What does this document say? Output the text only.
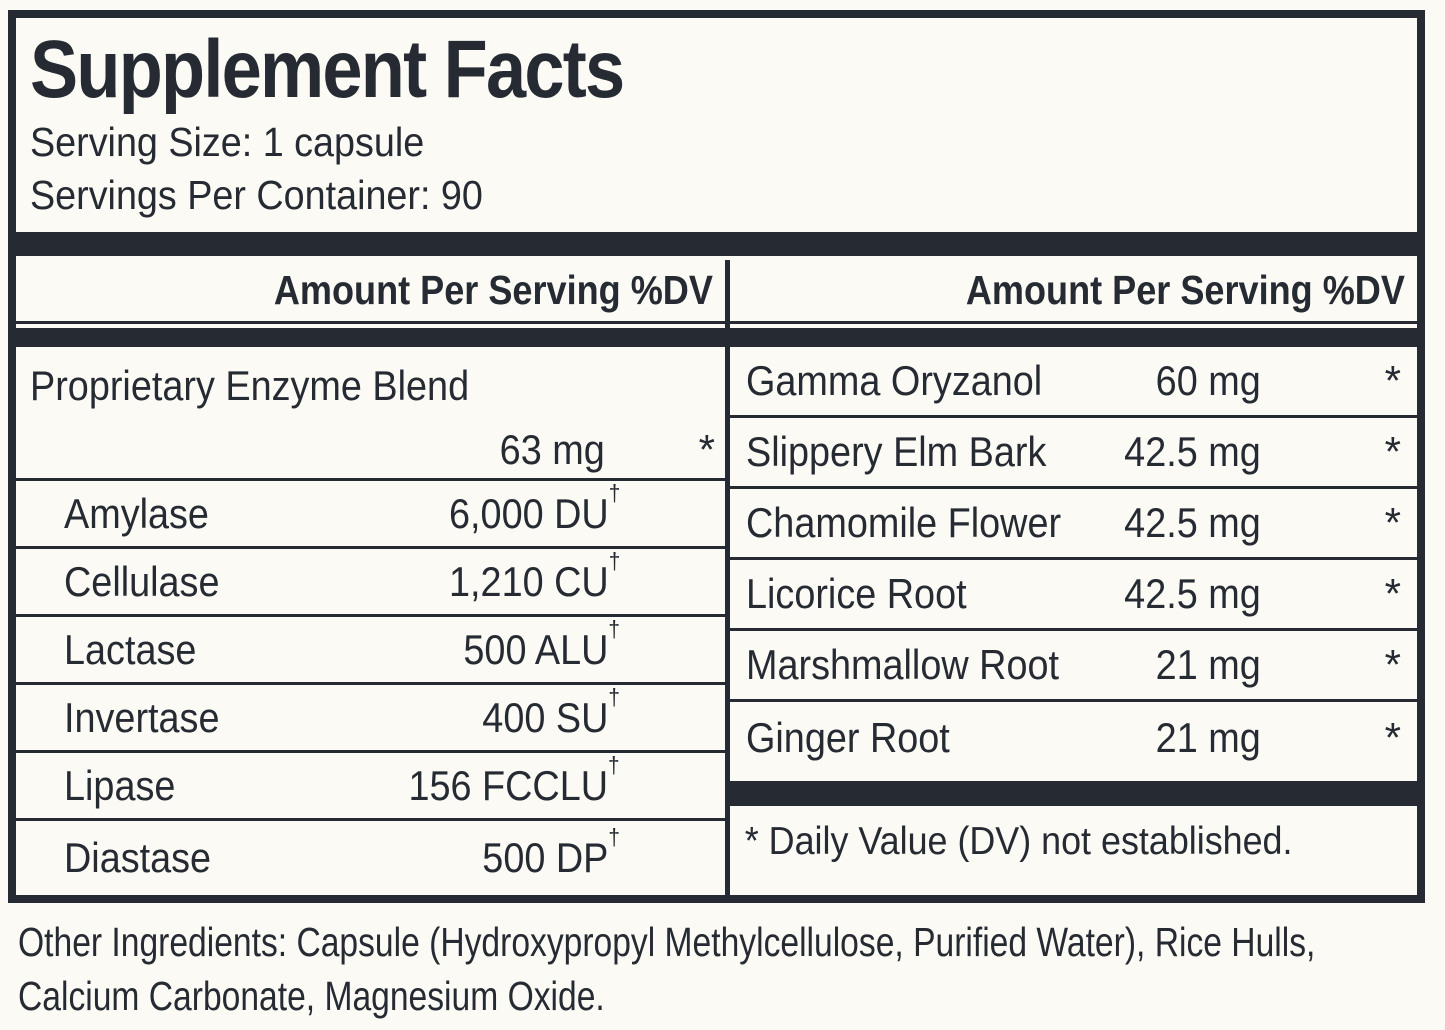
Supplement Facts
Serving Size: 1 capsule
Servings Per Container: 90
Amount Per Serving %DV
Proprietary Enzyme Blend
63 mg	*
Amylase	6,000 DU†
Cellulase	1,210 CU†
Lactase	500 ALU†
Invertase	400 SU†
Lipase	156 FCCLU†
Diastase	500 DP†
Amount Per Serving %DV
Gamma Oryzanol	60 mg	*
Slippery Elm Bark	42.5 mg	*
Chamomile Flower 42.5 mg	*
Licorice Root	42.5 mg	*
Marshmallow Root	21 mg	*
Ginger Root	21 mg	*
* Daily Value (DV) not established.
Other Ingredients: Capsule (Hydroxypropyl Methylcellulose, Purified Water), Rice Hulls,
Calcium Carbonate, Magnesium Oxide.
